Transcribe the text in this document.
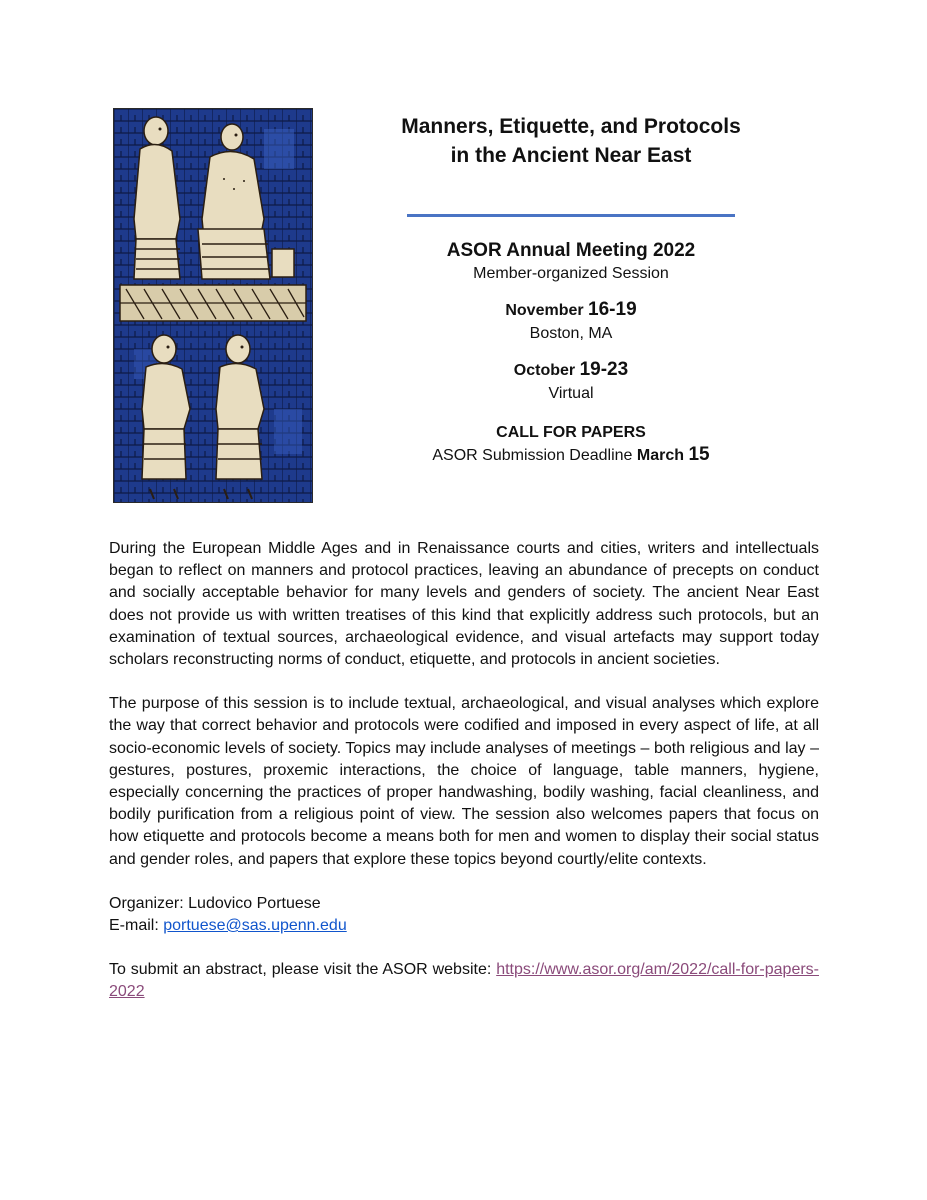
Manners, Etiquette, and Protocols
in the Ancient Near East
ASOR Annual Meeting 2022
Member-organized Session
November 16-19
Boston, MA
October 19-23
Virtual
CALL FOR PAPERS
ASOR Submission Deadline March 15

During the European Middle Ages and in Renaissance courts and cities, writers and intellectuals began to reflect on manners and protocol practices, leaving an abundance of precepts on conduct and socially acceptable behavior for many levels and genders of society. The ancient Near East does not provide us with written treatises of this kind that explicitly address such protocols, but an examination of textual sources, archaeological evidence, and visual artefacts may support today scholars reconstructing norms of conduct, etiquette, and protocols in ancient societies.

The purpose of this session is to include textual, archaeological, and visual analyses which explore the way that correct behavior and protocols were codified and imposed in every aspect of life, at all socio-economic levels of society. Topics may include analyses of meetings – both religious and lay – gestures, postures, proxemic interactions, the choice of language, table manners, hygiene, especially concerning the practices of proper handwashing, bodily washing, facial cleanliness, and bodily purification from a religious point of view. The session also welcomes papers that focus on how etiquette and protocols become a means both for men and women to display their social status and gender roles, and papers that explore these topics beyond courtly/elite contexts.

Organizer: Ludovico Portuese

E-mail: portuese@sas.upenn.edu

To submit an abstract, please visit the ASOR website: https://www.asor.org/am/2022/call-for-papers-2022
